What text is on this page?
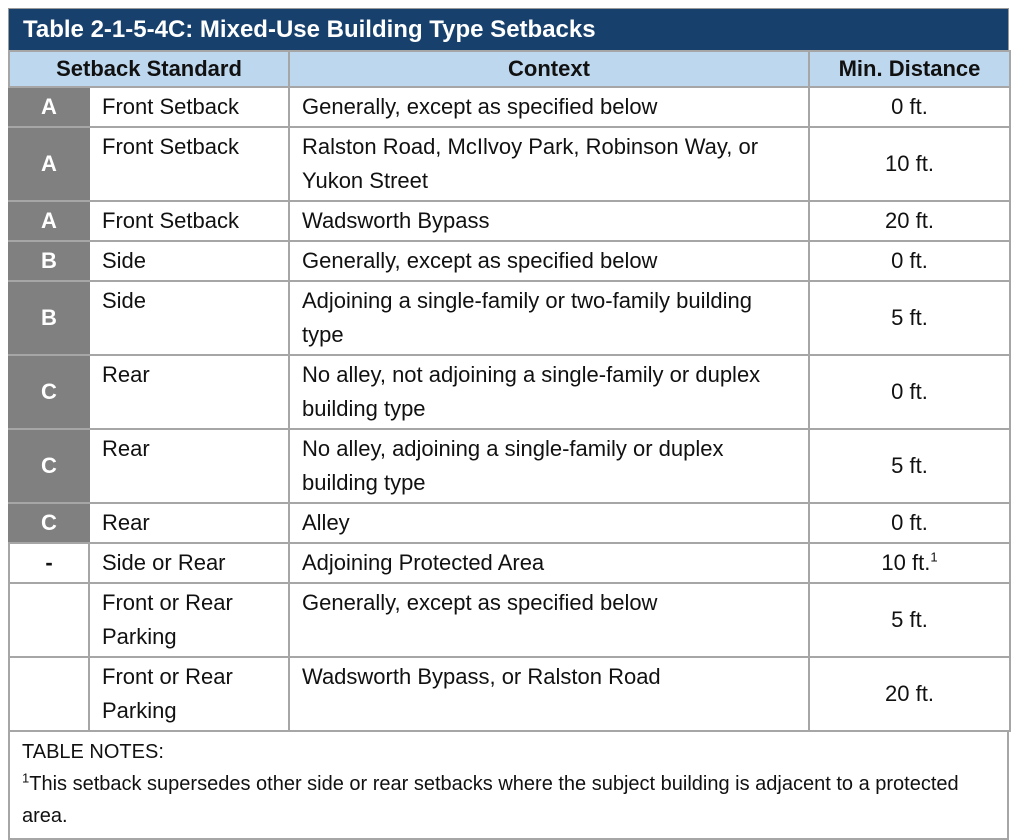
Table 2-1-5-4C: Mixed-Use Building Type Setbacks
Setback Standard		Context	Min. Distance
A	Front Setback	Generally, except as specified below	0 ft.
A	Front Setback	Ralston Road, McIlvoy Park, Robinson Way, or Yukon Street	10 ft.
A	Front Setback	Wadsworth Bypass	20 ft.
B	Side	Generally, except as specified below	0 ft.
B	Side	Adjoining a single-family or two-family building type	5 ft.
C	Rear	No alley, not adjoining a single-family or duplex building type	0 ft.
C	Rear	No alley, adjoining a single-family or duplex building type	5 ft.
C	Rear	Alley	0 ft.
-	Side or Rear	Adjoining Protected Area	10 ft.$^1$
	Front or Rear Parking	Generally, except as specified below	5 ft.
	Front or Rear Parking	Wadsworth Bypass, or Ralston Road	20 ft.
TABLE NOTES:
$^1$This setback supersedes other side or rear setbacks where the subject building is adjacent to a protected area.
